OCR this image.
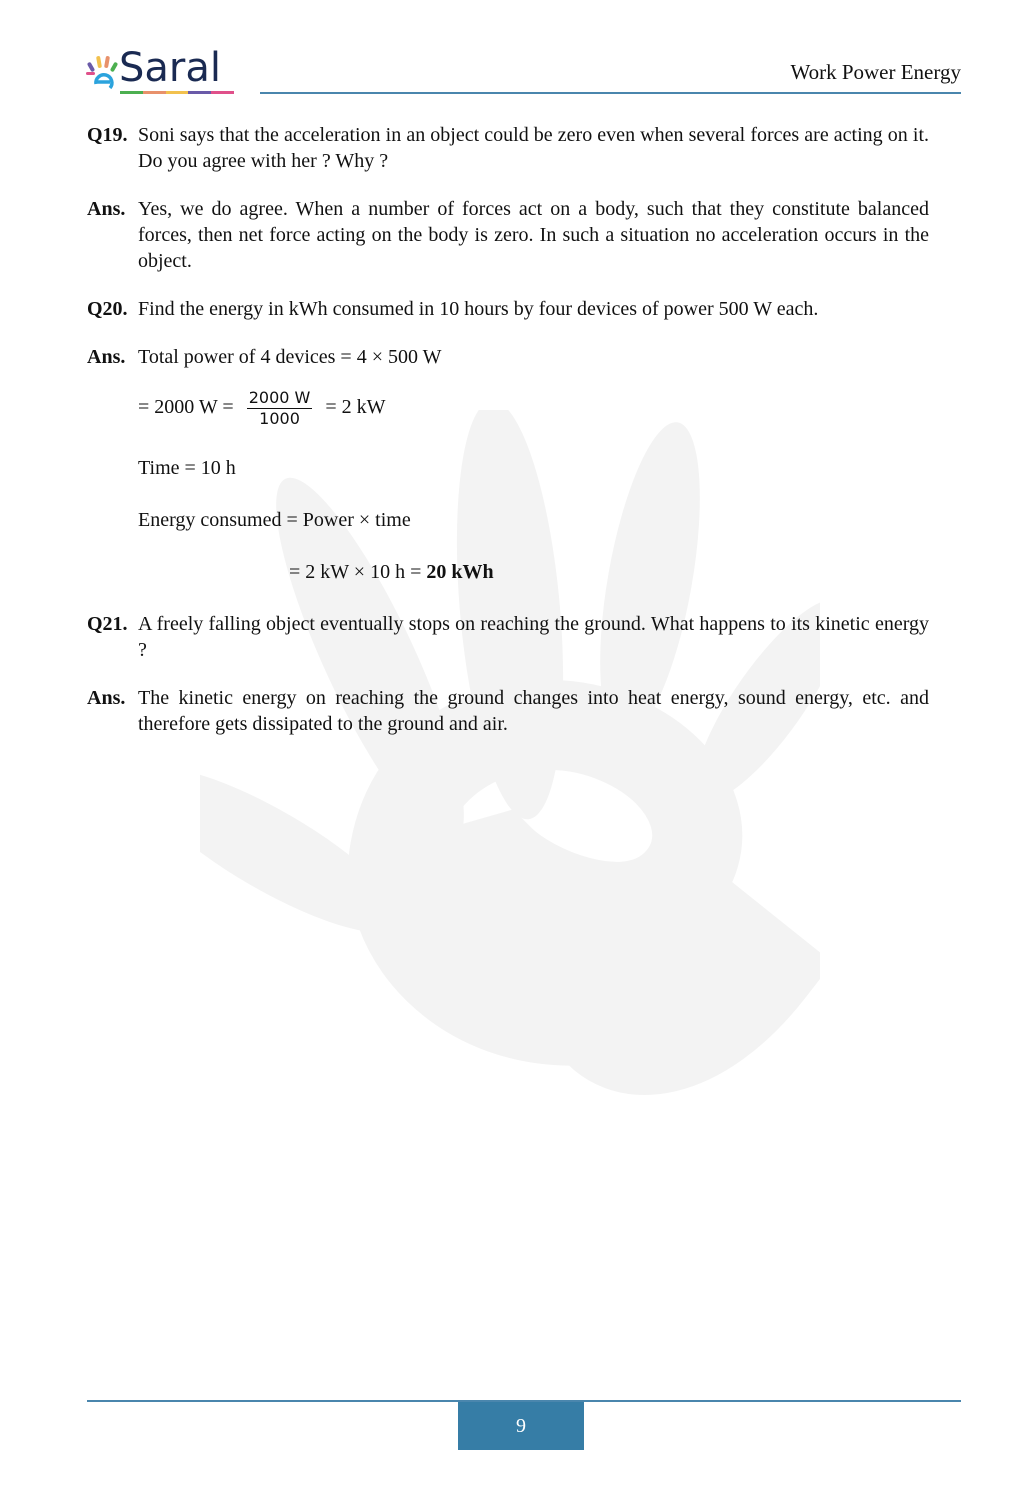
Saral	Work Power Energy
Q19. Soni says that the acceleration in an object could be zero even when several forces are acting on it. Do you agree with her ? Why ?
Ans. Yes, we do agree. When a number of forces act on a body, such that they constitute balanced forces, then net force acting on the body is zero. In such a situation no acceleration occurs in the object.
Q20. Find the energy in kWh consumed in 10 hours by four devices of power 500 W each.
Ans. Total power of 4 devices = 4 × 500 W
= 2000 $W = \frac{2000 W}{1000} = 2$ kW
Time = 10 h
Energy consumed = Power × time
= 2 kW × 10 h = 20 kWh
Q21. A freely falling object eventually stops on reaching the ground. What happens to its kinetic energy ?
Ans. The kinetic energy on reaching the ground changes into heat energy, sound energy, etc. and therefore gets dissipated to the ground and air.
9
